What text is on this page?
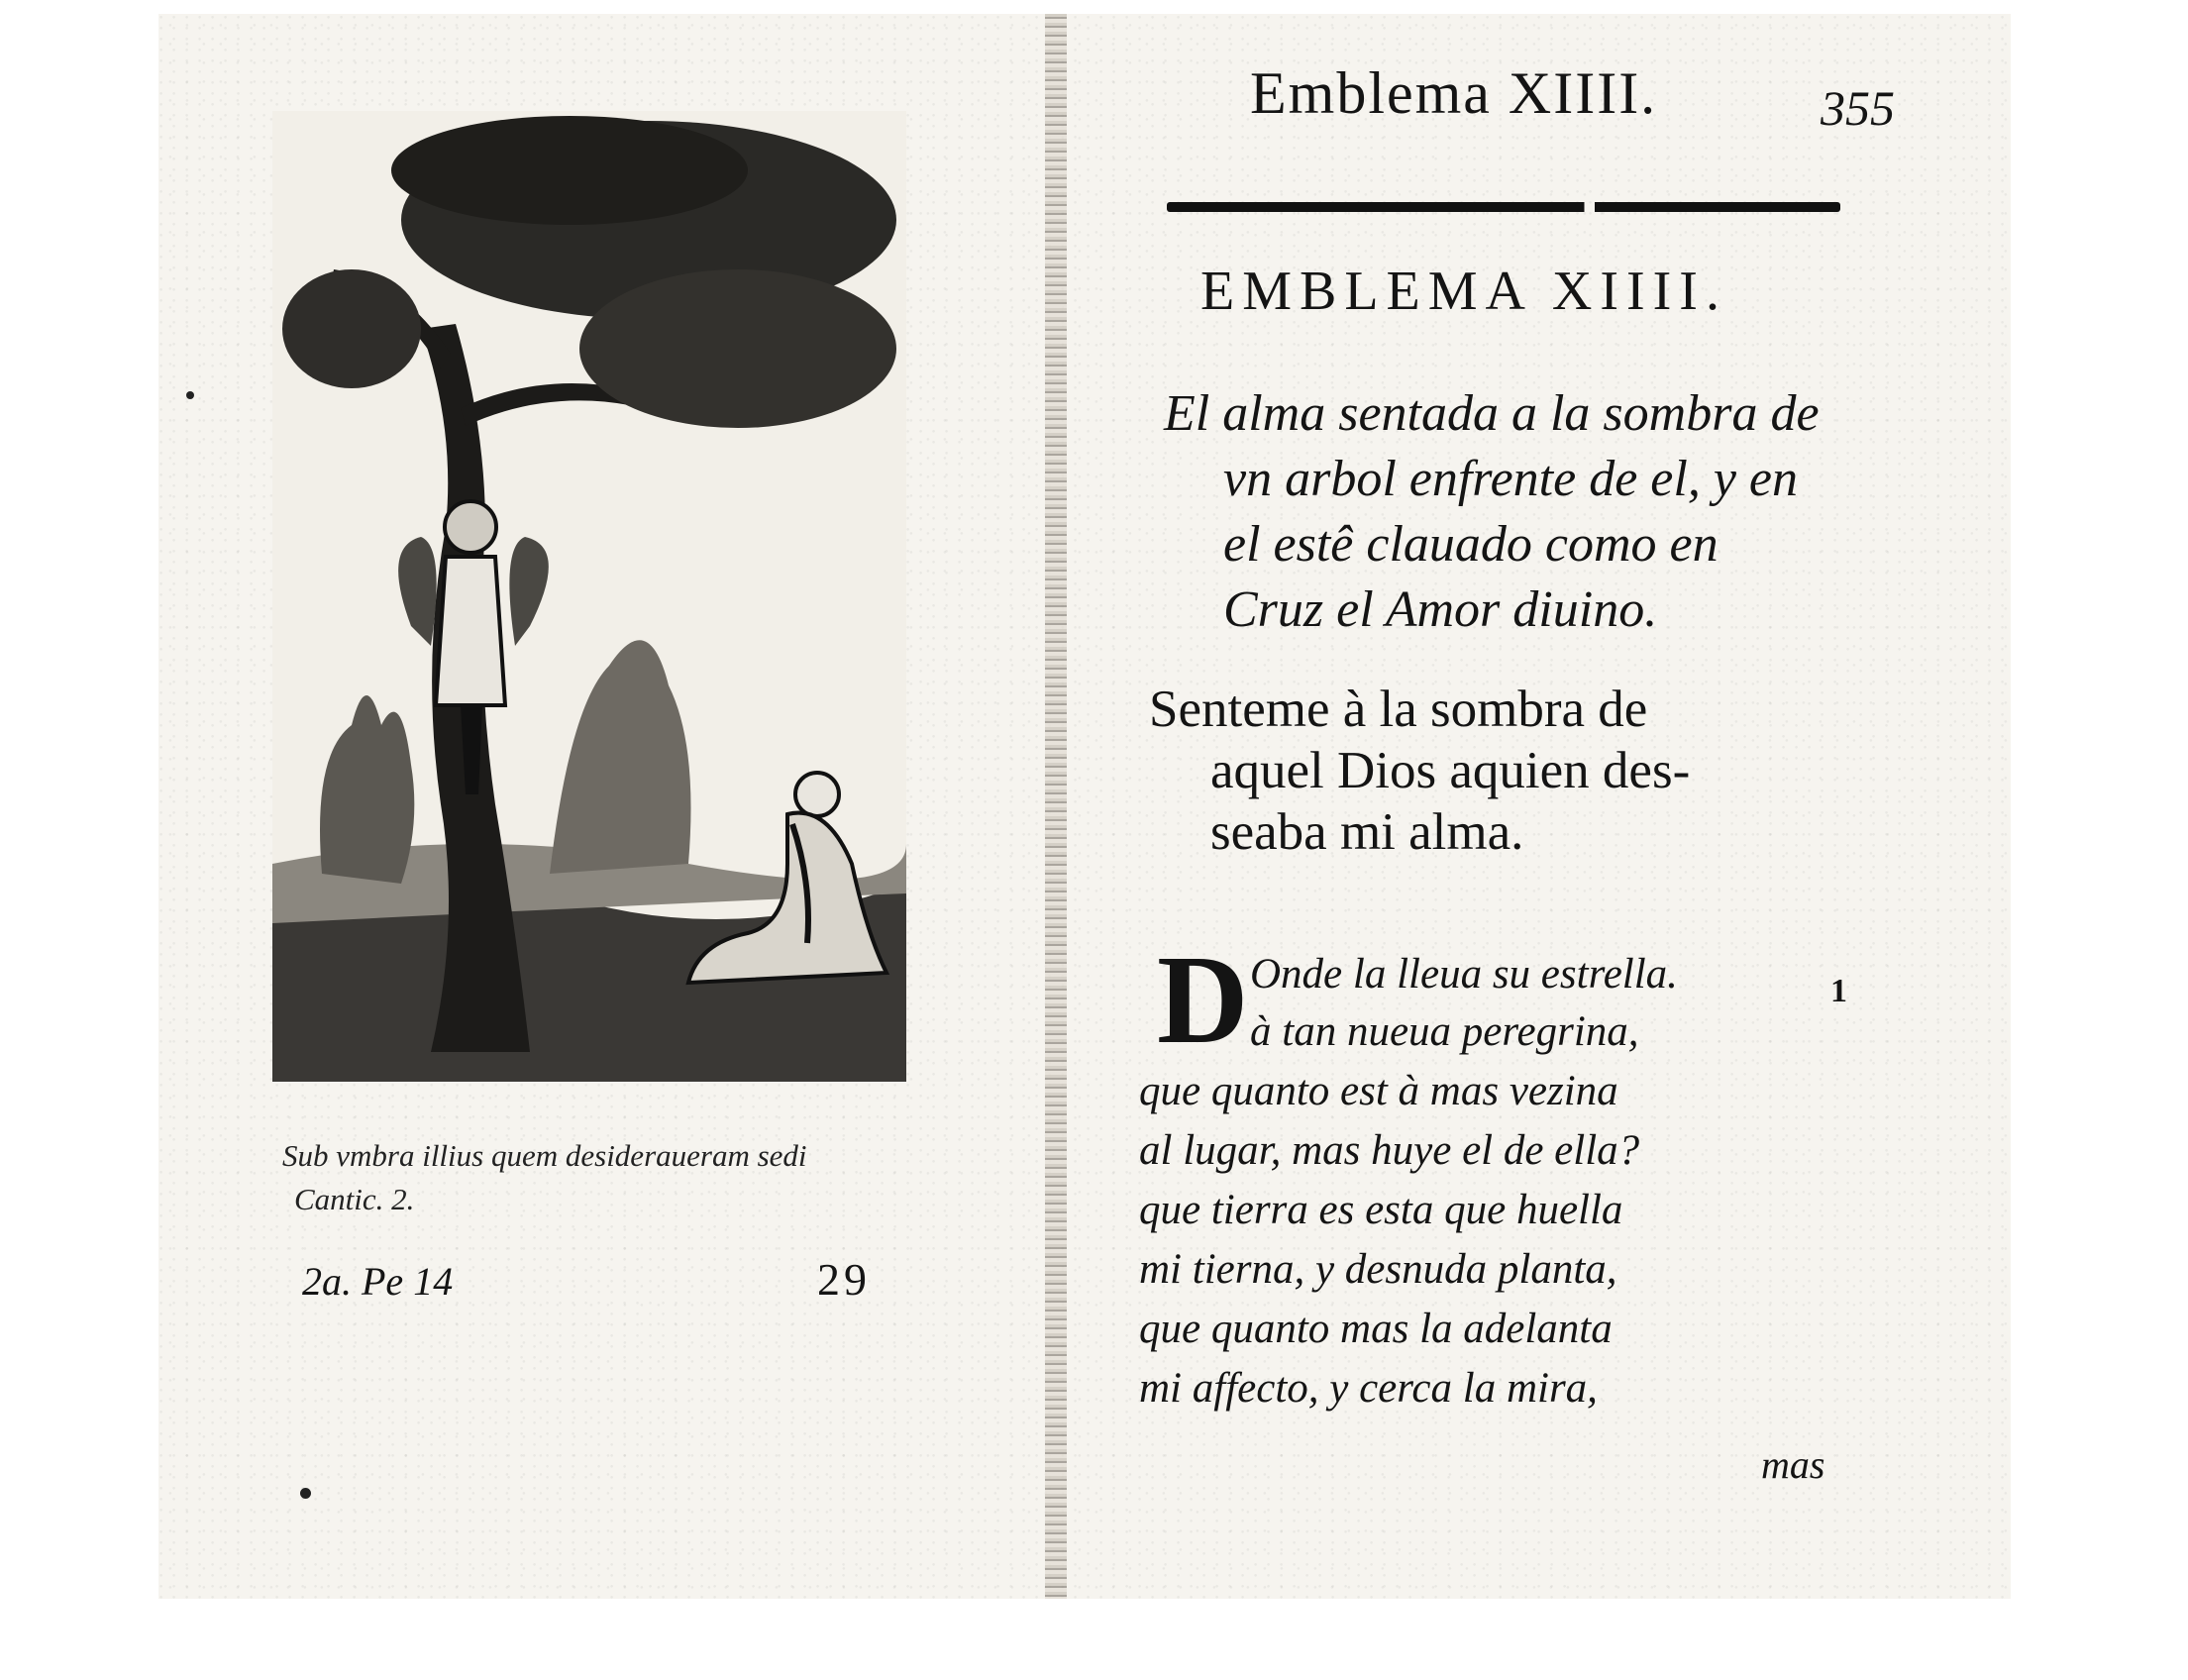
Sub vmbra illius quem desideraueram sedi
Cantic. 2.
2a. Pe 14	29
Emblema XIIII.	355
EMBLEMA XIIII.
El alma sentada a la sombra de
vn arbol enfrente de el, y en
el estê clauado como en
Cruz el Amor diuino.
Senteme à la sombra de
aquel Dios aquien des-
seaba mi alma.
D Onde la lleua su estrella.
à tan nueua peregrina,
que quanto est à mas vezina
al lugar, mas huye el de ella?
que tierra es esta que huella
mi tierna, y desnuda planta,
que quanto mas la adelanta
mi affecto, y cerca la mira,
1
mas
